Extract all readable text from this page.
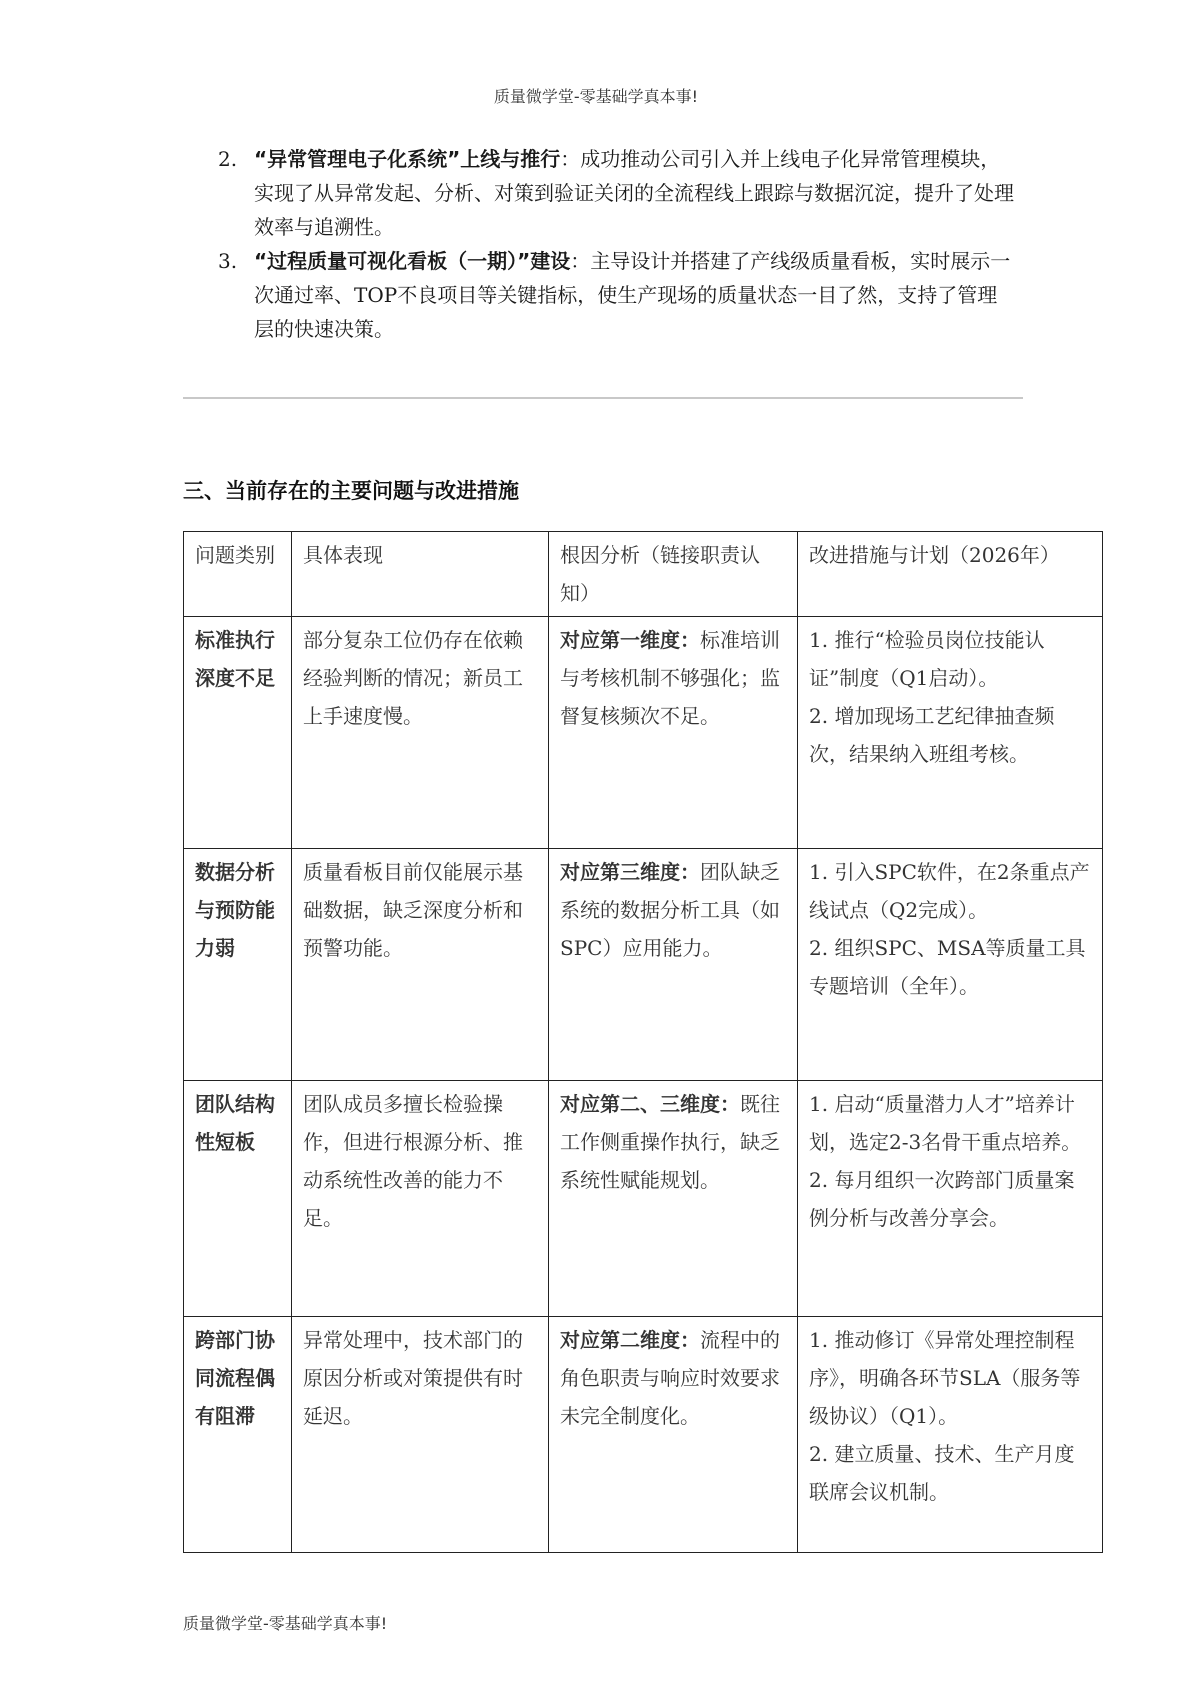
质量微学堂-零基础学真本事!
2. “异常管理电子化系统”上线与推行：成功推动公司引入并上线电子化异常管理模块，实现了从异常发起、分析、对策到验证关闭的全流程线上跟踪与数据沉淀，提升了处理效率与追溯性。
3. “过程质量可视化看板（一期）”建设：主导设计并搭建了产线级质量看板，实时展示一次通过率、TOP不良项目等关键指标，使生产现场的质量状态一目了然，支持了管理层的快速决策。
三、当前存在的主要问题与改进措施
问题类别	具体表现	根因分析（链接职责认知）	改进措施与计划（2026年）
标准执行深度不足	部分复杂工位仍存在依赖经验判断的情况；新员工上手速度慢。	对应第一维度：标准培训与考核机制不够强化；监督复核频次不足。	1. 推行“检验员岗位技能认证”制度（Q1启动）。
2. 增加现场工艺纪律抽查频次，结果纳入班组考核。

数据分析与预防能力弱	质量看板目前仅能展示基础数据，缺乏深度分析和预警功能。	对应第三维度：团队缺乏系统的数据分析工具（如SPC）应用能力。	1. 引入SPC软件，在2条重点产线试点（Q2完成）。
2. 组织SPC、MSA等质量工具专题培训（全年）。

团队结构性短板	团队成员多擅长检验操作，但进行根源分析、推动系统性改善的能力不足。	对应第二、三维度：既往工作侧重操作执行，缺乏系统性赋能规划。	1. 启动“质量潜力人才”培养计划，选定2-3名骨干重点培养。
2. 每月组织一次跨部门质量案例分析与改善分享会。

跨部门协同流程偶有阻滞	异常处理中，技术部门的原因分析或对策提供有时延迟。	对应第二维度：流程中的角色职责与响应时效要求未完全制度化。	1. 推动修订《异常处理控制程序》，明确各环节SLA（服务等级协议）（Q1）。
2. 建立质量、技术、生产月度联席会议机制。
质量微学堂-零基础学真本事!
